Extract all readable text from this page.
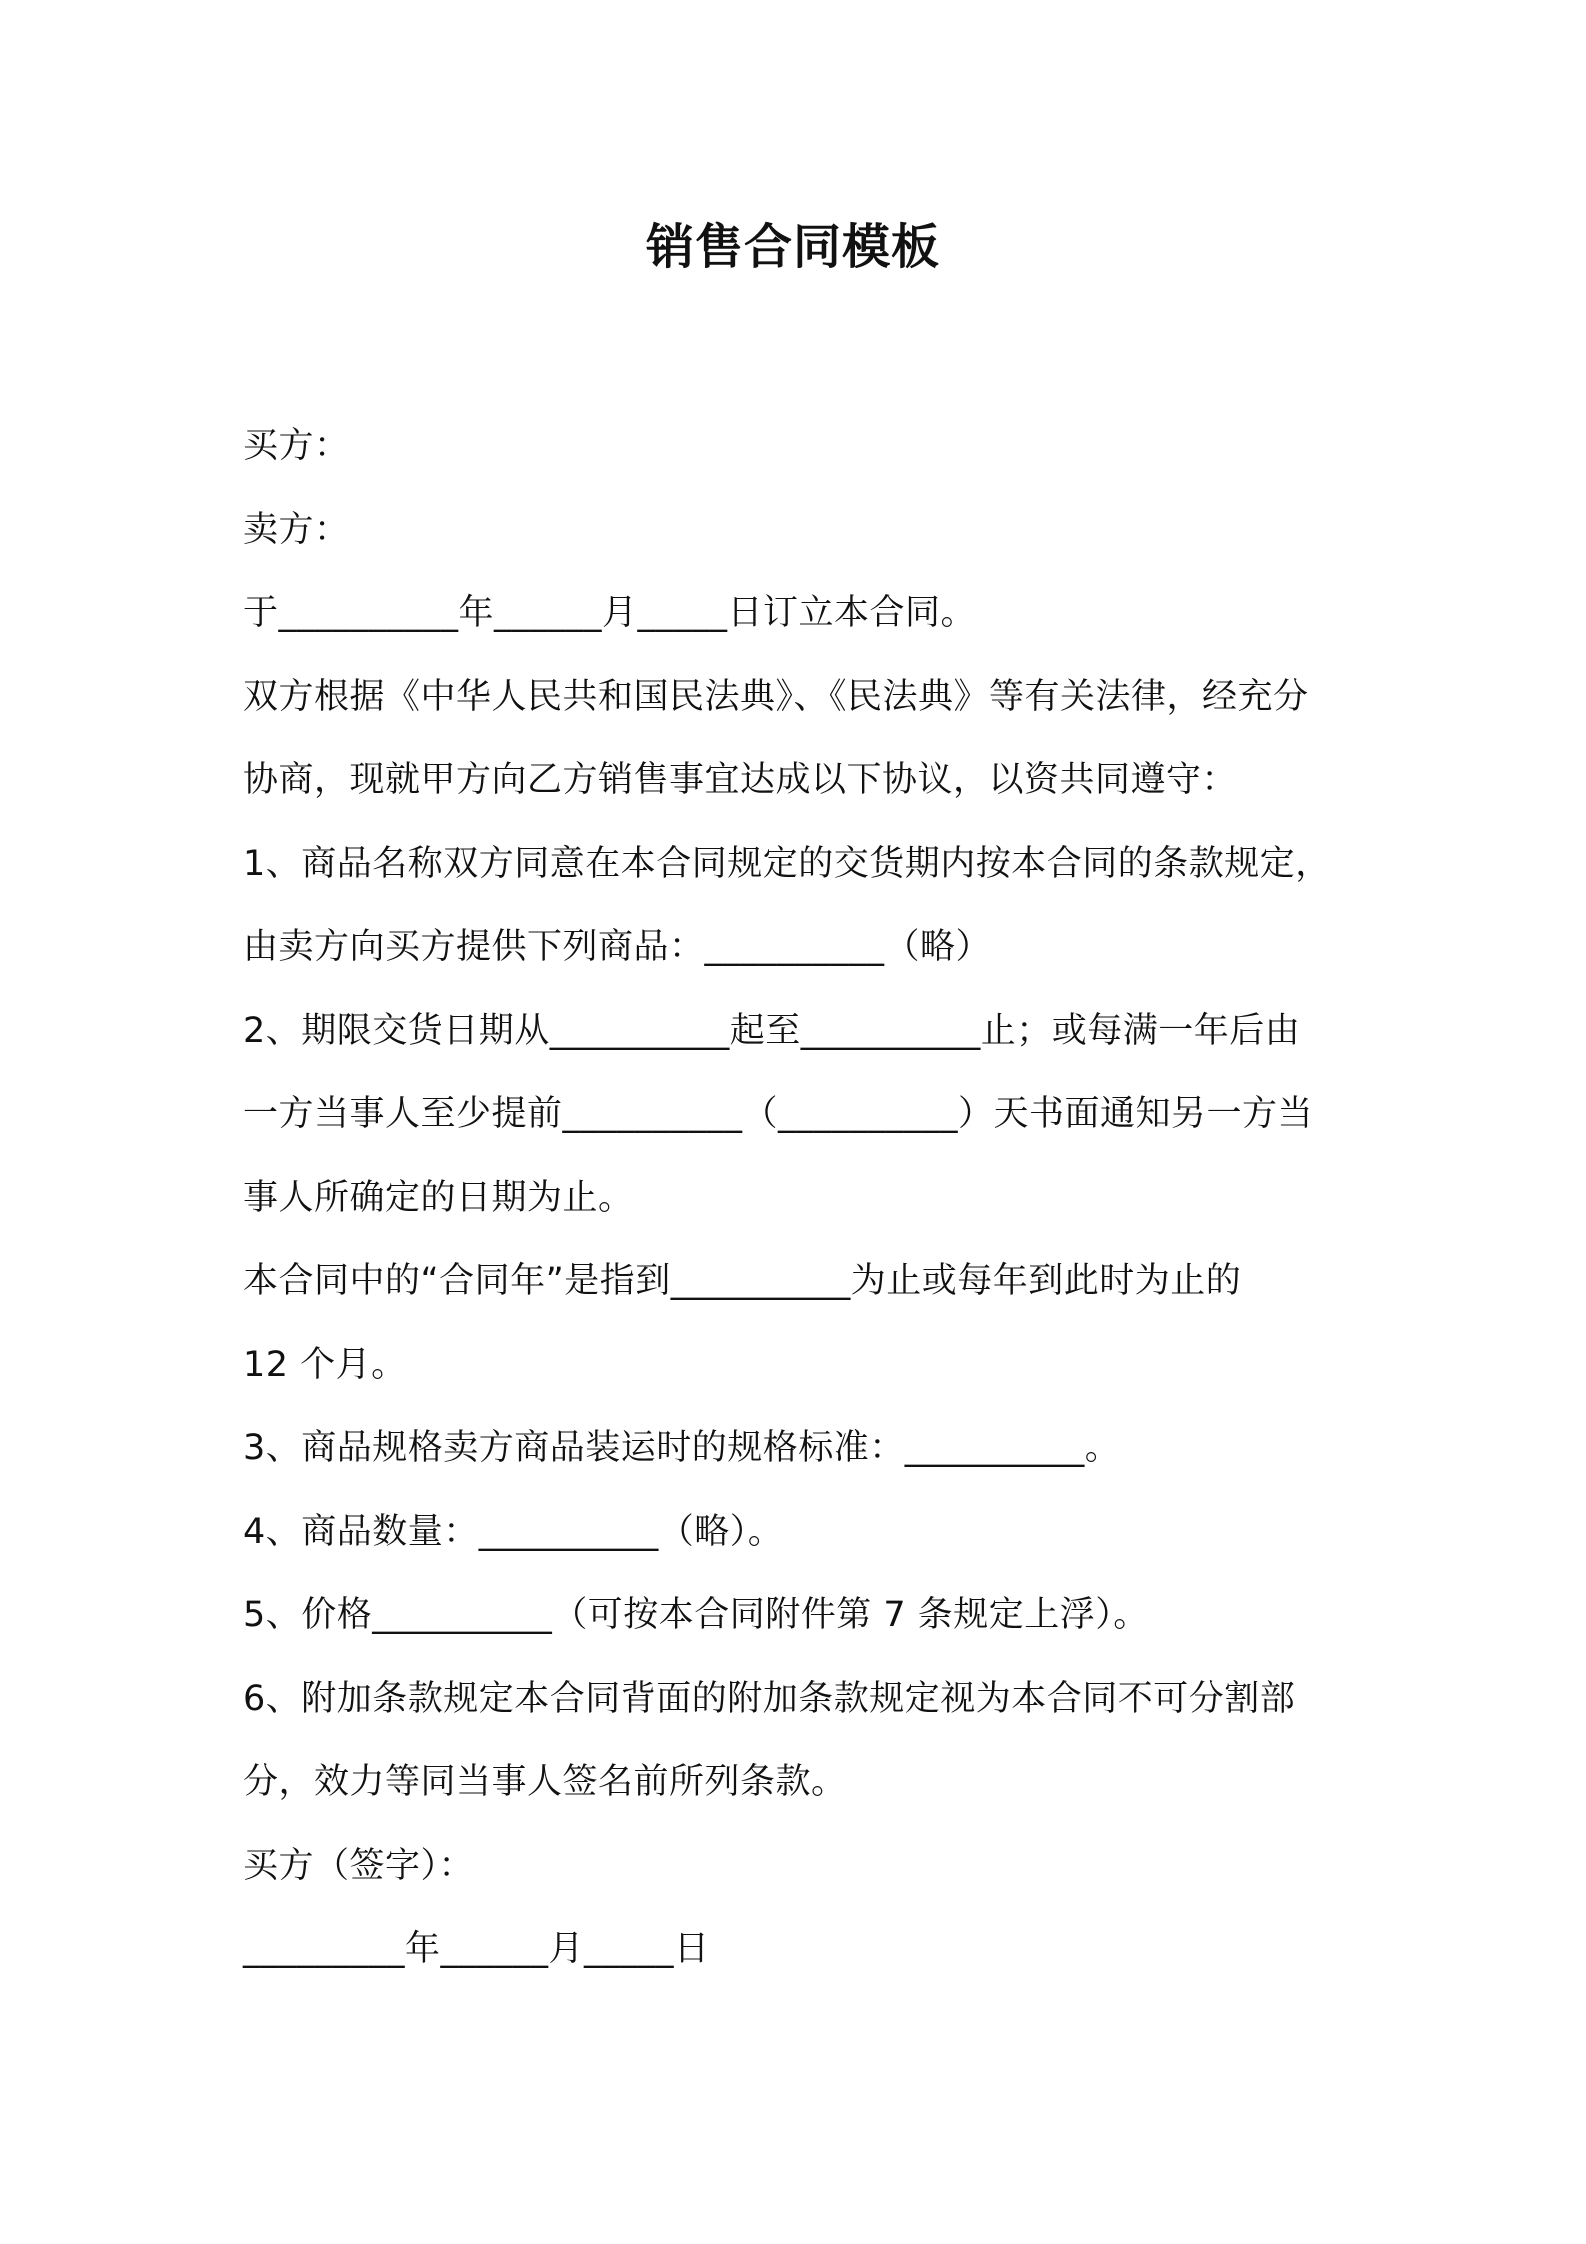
销售合同模板
买方：
卖方：
于__________年______月_____日订立本合同。
双方根据《中华人民共和国民法典》、《民法典》等有关法律，经充分
协商，现就甲方向乙方销售事宜达成以下协议，以资共同遵守：
1、商品名称双方同意在本合同规定的交货期内按本合同的条款规定，
由卖方向买方提供下列商品：__________（略）
2、期限交货日期从__________起至__________止；或每满一年后由
一方当事人至少提前__________（__________）天书面通知另一方当
事人所确定的日期为止。
本合同中的“合同年”是指到__________为止或每年到此时为止的
12 个月。
3、商品规格卖方商品装运时的规格标准：__________。
4、商品数量：__________（略）。
5、价格__________（可按本合同附件第 7 条规定上浮）。
6、附加条款规定本合同背面的附加条款规定视为本合同不可分割部
分，效力等同当事人签名前所列条款。
买方（签字）：
_________年______月_____日
